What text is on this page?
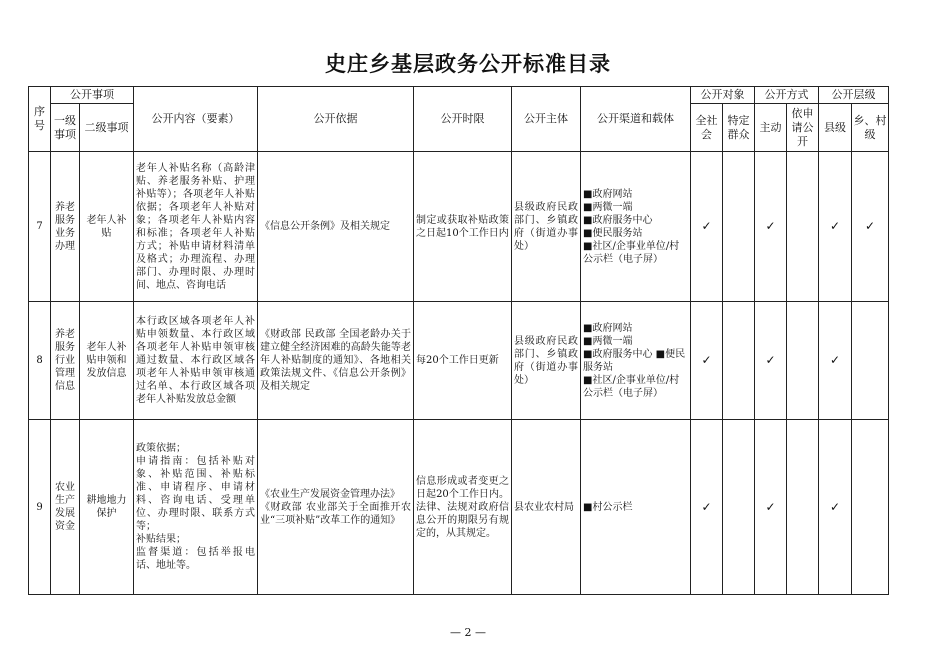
史庄乡基层政务公开标准目录
序号	公开事项		公开内容（要素）	公开依据	公开时限	公开主体	公开渠道和载体	公开对象		公开方式		公开层级	
	一级事项	二级事项						全社会	特定群众	主动	依申请公开	县级	乡、村级
7	养老服务业务办理	老年人补贴	老年人补贴名称（高龄津贴、养老服务补贴、护理补贴等）；各项老年人补贴依据；各项老年人补贴对象；各项老年人补贴内容和标准；各项老年人补贴方式；补贴申请材料清单及格式；办理流程、办理部门、办理时限、办理时间、地点、咨询电话	《信息公开条例》及相关规定	制定或获取补贴政策之日起10个工作日内	县级政府民政部门、乡镇政府（街道办事处）	■政府网站
■两微一端
■政府服务中心
■便民服务站
■社区/企事业单位/村公示栏（电子屏）	✓		✓		✓	✓
8	养老服务行业管理信息	老年人补贴申领和发放信息	本行政区域各项老年人补贴申领数量、本行政区域各项老年人补贴申领审核通过数量、本行政区域各项老年人补贴申领审核通过名单、本行政区域各项老年人补贴发放总金额	《财政部 民政部 全国老龄办关于建立健全经济困难的高龄失能等老年人补贴制度的通知》、各地相关政策法规文件、《信息公开条例》及相关规定	每20个工作日更新	县级政府民政部门、乡镇政府（街道办事处）	■政府网站
■两微一端
■政府服务中心 ■便民服务站
■社区/企事业单位/村公示栏（电子屏）	✓		✓		✓	
9	农业生产发展资金	耕地地力保护	政策依据；
申请指南：包括补贴对象、补贴范围、补贴标准、申请程序、申请材料、咨询电话、受理单位、办理时限、联系方式等；
补贴结果；
监督渠道：包括举报电话、地址等。	《农业生产发展资金管理办法》
《财政部 农业部关于全面推开农业“三项补贴”改革工作的通知》	信息形成或者变更之日起20个工作日内。法律、法规对政府信息公开的期限另有规定的，从其规定。	县农业农村局	■村公示栏	✓		✓		✓	
— 2 —
